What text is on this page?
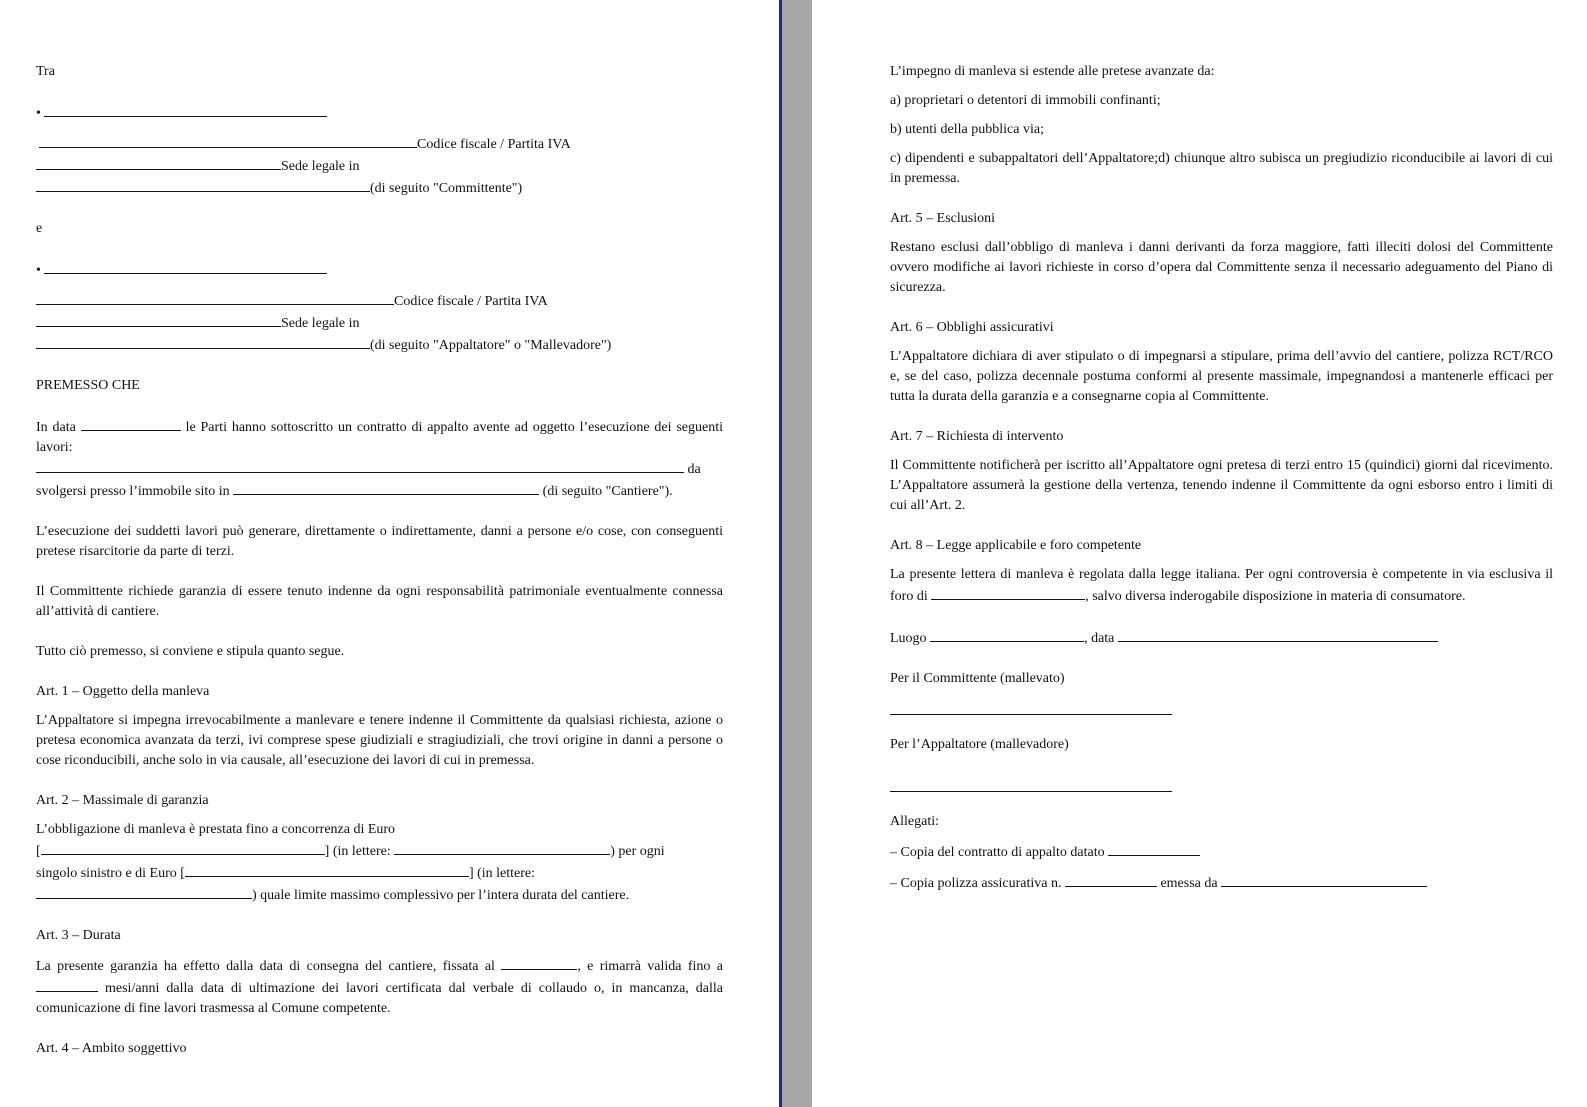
Tra

•

Codice fiscale / Partita IVA

Sede legale in

(di seguito "Committente")

e

•

Codice fiscale / Partita IVA

Sede legale in

(di seguito "Appaltatore" o "Mallevadore")

PREMESSO CHE

In data	le Parti hanno sottoscritto un contratto di appalto avente ad oggetto l’esecuzione dei seguenti lavori:

da

svolgersi presso l’immobile sito in	(di seguito "Cantiere").

L’esecuzione dei suddetti lavori può generare, direttamente o indirettamente, danni a persone e/o cose, con conseguenti pretese risarcitorie da parte di terzi.

Il Committente richiede garanzia di essere tenuto indenne da ogni responsabilità patrimoniale eventualmente connessa all’attività di cantiere.

Tutto ciò premesso, si conviene e stipula quanto segue.

Art. 1 – Oggetto della manleva

L’Appaltatore si impegna irrevocabilmente a manlevare e tenere indenne il Committente da qualsiasi richiesta, azione o pretesa economica avanzata da terzi, ivi comprese spese giudiziali e stragiudiziali, che trovi origine in danni a persone o cose riconducibili, anche solo in via causale, all’esecuzione dei lavori di cui in premessa.

Art. 2 – Massimale di garanzia

L’obbligazione di manleva è prestata fino a concorrenza di Euro

[	] (in lettere:	) per ogni

singolo sinistro e di Euro [	] (in lettere:

) quale limite massimo complessivo per l’intera durata del cantiere.

Art. 3 – Durata

La presente garanzia ha effetto dalla data di consegna del cantiere, fissata al	, e rimarrà valida fino a  mesi/anni dalla data di ultimazione dei lavori certificata dal verbale di collaudo o, in mancanza, dalla comunicazione di fine lavori trasmessa al Comune competente.

Art. 4 – Ambito soggettivo

L’impegno di manleva si estende alle pretese avanzate da:

a) proprietari o detentori di immobili confinanti;

b) utenti della pubblica via;

c) dipendenti e subappaltatori dell’Appaltatore;d) chiunque altro subisca un pregiudizio riconducibile ai lavori di cui in premessa.

Art. 5 – Esclusioni

Restano esclusi dall’obbligo di manleva i danni derivanti da forza maggiore, fatti illeciti dolosi del Committente ovvero modifiche ai lavori richieste in corso d’opera dal Committente senza il necessario adeguamento del Piano di sicurezza.

Art. 6 – Obblighi assicurativi

L’Appaltatore dichiara di aver stipulato o di impegnarsi a stipulare, prima dell’avvio del cantiere, polizza RCT/RCO e, se del caso, polizza decennale postuma conformi al presente massimale, impegnandosi a mantenerle efficaci per tutta la durata della garanzia e a consegnarne copia al Committente.

Art. 7 – Richiesta di intervento

Il Committente notificherà per iscritto all’Appaltatore ogni pretesa di terzi entro 15 (quindici) giorni dal ricevimento. L’Appaltatore assumerà la gestione della vertenza, tenendo indenne il Committente da ogni esborso entro i limiti di cui all’Art. 2.

Art. 8 – Legge applicabile e foro competente

La presente lettera di manleva è regolata dalla legge italiana. Per ogni controversia è competente in via esclusiva il foro di	, salvo diversa inderogabile disposizione in materia di consumatore.

Luogo	, data

Per il Committente (mallevato)

Per l’Appaltatore (mallevadore)

Allegati:

– Copia del contratto di appalto datato

– Copia polizza assicurativa n.	emessa da
